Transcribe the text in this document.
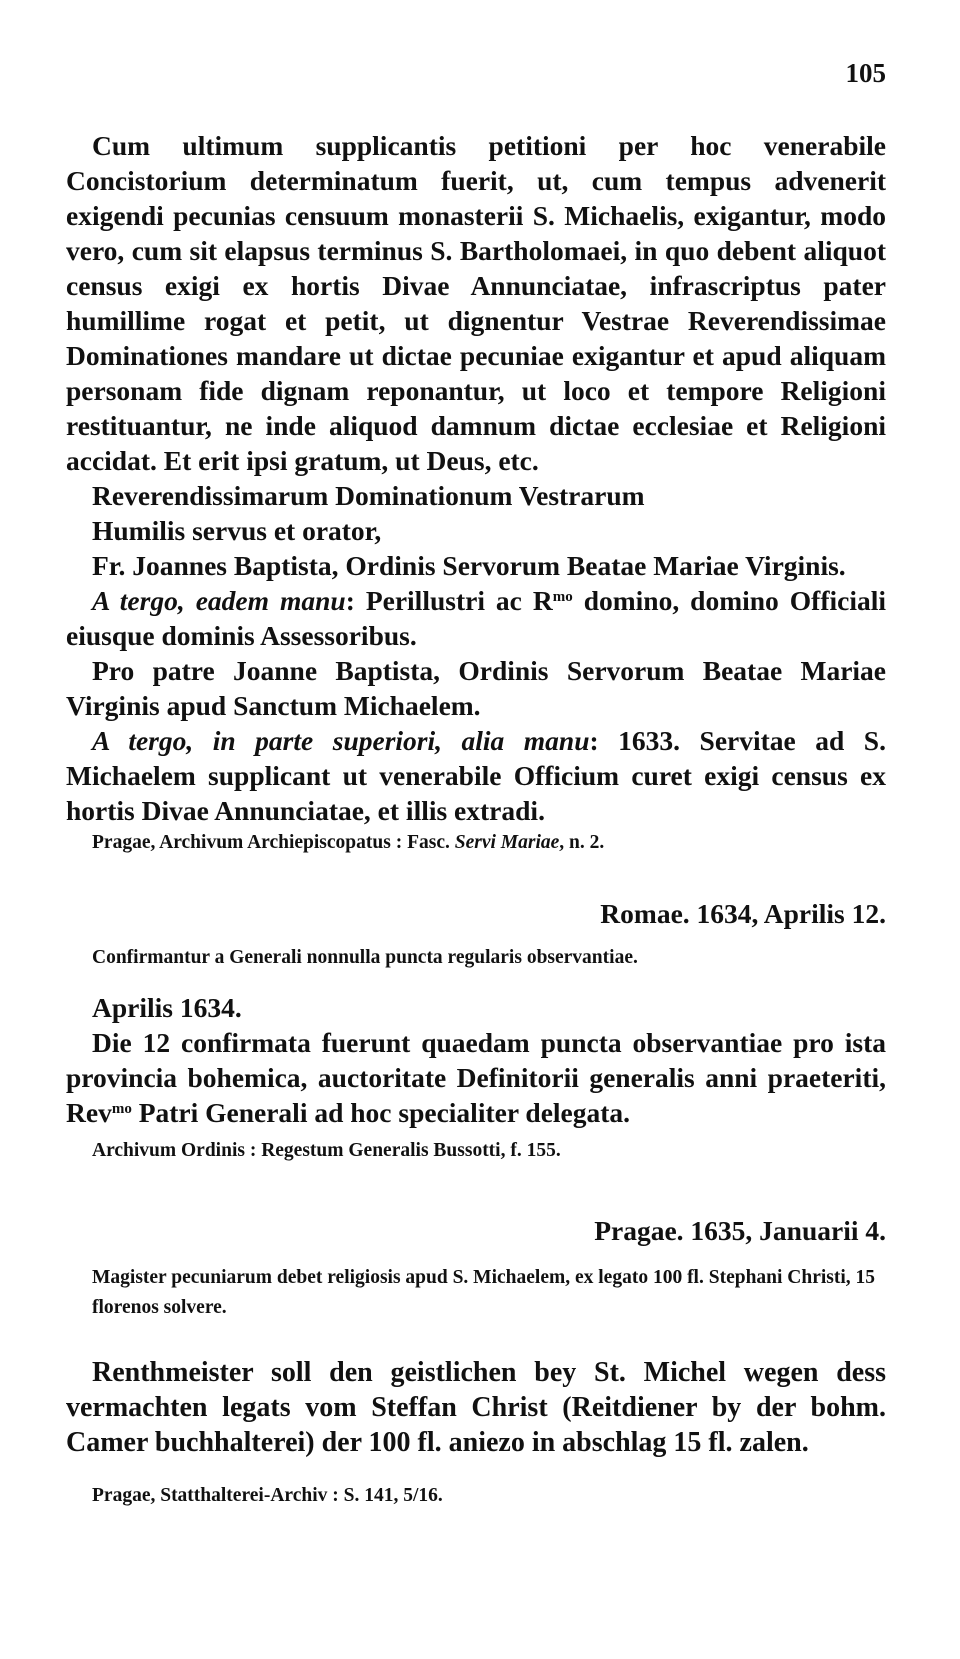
105

Cum ultimum supplicantis petitioni per hoc venerabile Concistorium determinatum fuerit, ut, cum tempus advenerit exigendi pecunias censuum monasterii S. Michaelis, exigantur, modo vero, cum sit elapsus terminus S. Bartholomaei, in quo debent aliquot census exigi ex hortis Divae Annunciatae, infrascriptus pater humillime rogat et petit, ut dignentur Vestrae Reverendissimae Dominationes mandare ut dictae pecuniae exigantur et apud aliquam personam fide dignam reponantur, ut loco et tempore Religioni restituantur, ne inde aliquod damnum dictae ecclesiae et Religioni accidat. Et erit ipsi gratum, ut Deus, etc.

Reverendissimarum Dominationum Vestrarum

Humilis servus et orator,

Fr. Joannes Baptista, Ordinis Servorum Beatae Mariae Virginis.

A tergo, eadem manu: Perillustri ac $R^{mo}$ domino, domino Officiali eiusque dominis Assessoribus.

Pro patre Joanne Baptista, Ordinis Servorum Beatae Mariae Virginis apud Sanctum Michaelem.

A tergo, in parte superiori, alia manu: 1633. Servitae ad S. Michaelem supplicant ut venerabile Officium curet exigi census ex hortis Divae Annunciatae, et illis extradi.

Pragae, Archivum Archiepiscopatus : Fasc. Servi Mariae, n. 2.
Romae. 1634, Aprilis 12.
Confirmantur a Generali nonnulla puncta regularis observantiae.

Aprilis 1634.

Die 12 confirmata fuerunt quaedam puncta observantiae pro ista provincia bohemica, auctoritate Definitorii generalis anni praeteriti, Rev$^{mo}$ Patri Generali ad hoc specialiter delegata.

Archivum Ordinis : Regestum Generalis Bussotti, f. 155.
Pragae. 1635, Januarii 4.
Magister pecuniarum debet religiosis apud S. Michaelem, ex legato 100 fl. Stephani Christi, 15 florenos solvere.

Renthmeister soll den geistlichen bey St. Michel wegen dess vermachten legats vom Steffan Christ (Reitdiener by der bohm. Camer buchhalterei) der 100 fl. aniezo in abschlag 15 fl. zalen.

Pragae, Statthalterei-Archiv : S. 141, 5/16.
